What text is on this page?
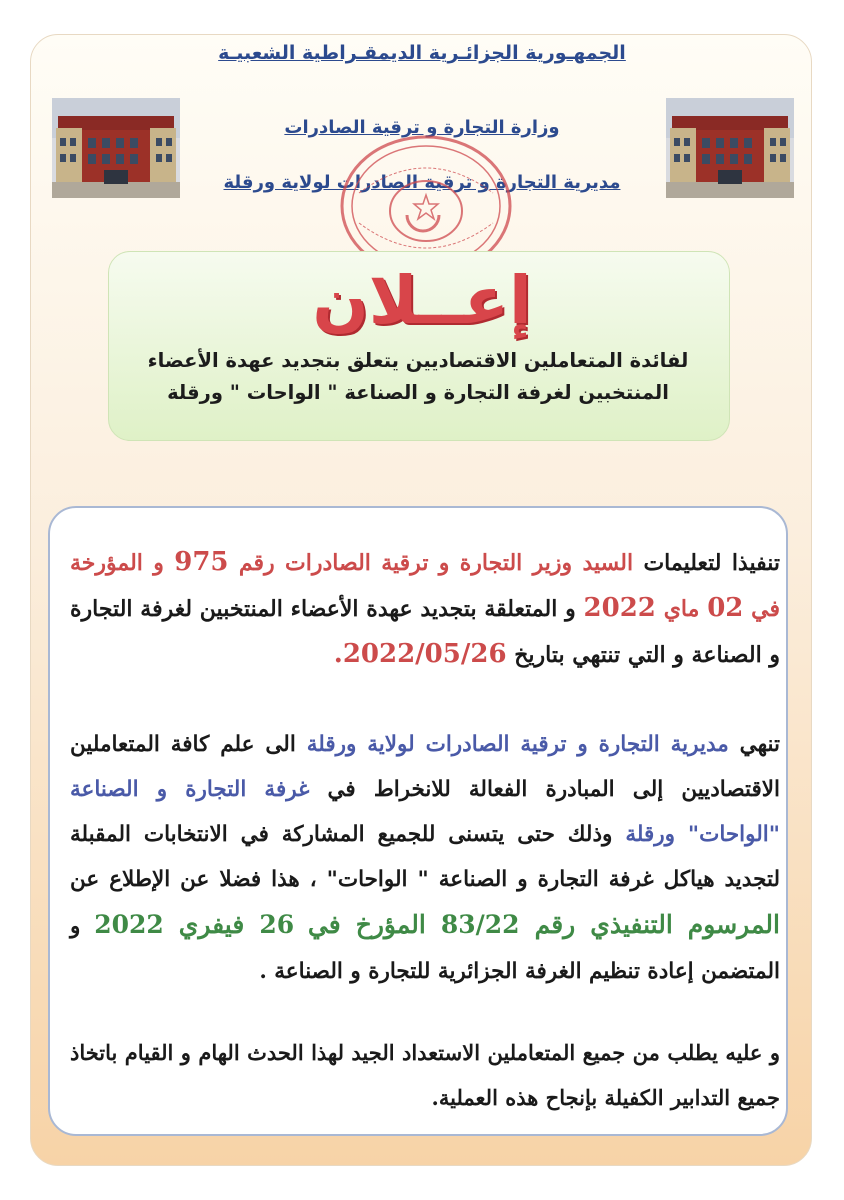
الجمهـورية الجزائـرية الديمقـراطية الشعبيـة
وزارة التجارة و ترقية الصادرات
مديرية التجارة و ترقية الصادرات لولاية ورقلة
إعــلان
لفائدة المتعاملين الاقتصاديين يتعلق بتجديد عهدة الأعضاء
المنتخبين لغرفة التجارة و الصناعة " الواحات " ورقلة
تنفيذا لتعليمات السيد وزير التجارة و ترقية الصادرات رقم 975 و المؤرخة في 02 ماي 2022 و المتعلقة بتجديد عهدة الأعضاء المنتخبين لغرفة التجارة و الصناعة و التي تنتهي بتاريخ 2022/05/26.
تنهي مديرية التجارة و ترقية الصادرات لولاية ورقلة الى علم كافة المتعاملين الاقتصاديين إلى المبادرة الفعالة للانخراط في غرفة التجارة و الصناعة "الواحات" ورقلة وذلك حتى يتسنى للجميع المشاركة في الانتخابات المقبلة لتجديد هياكل غرفة التجارة و الصناعة " الواحات" ، هذا فضلا عن الإطلاع عن المرسوم التنفيذي رقم 83/22 المؤرخ في 26 فيفري 2022 و المتضمن إعادة تنظيم الغرفة الجزائرية للتجارة و الصناعة .
و عليه يطلب من جميع المتعاملين الاستعداد الجيد لهذا الحدث الهام و القيام باتخاذ جميع التدابير الكفيلة بإنجاح هذه العملية.
